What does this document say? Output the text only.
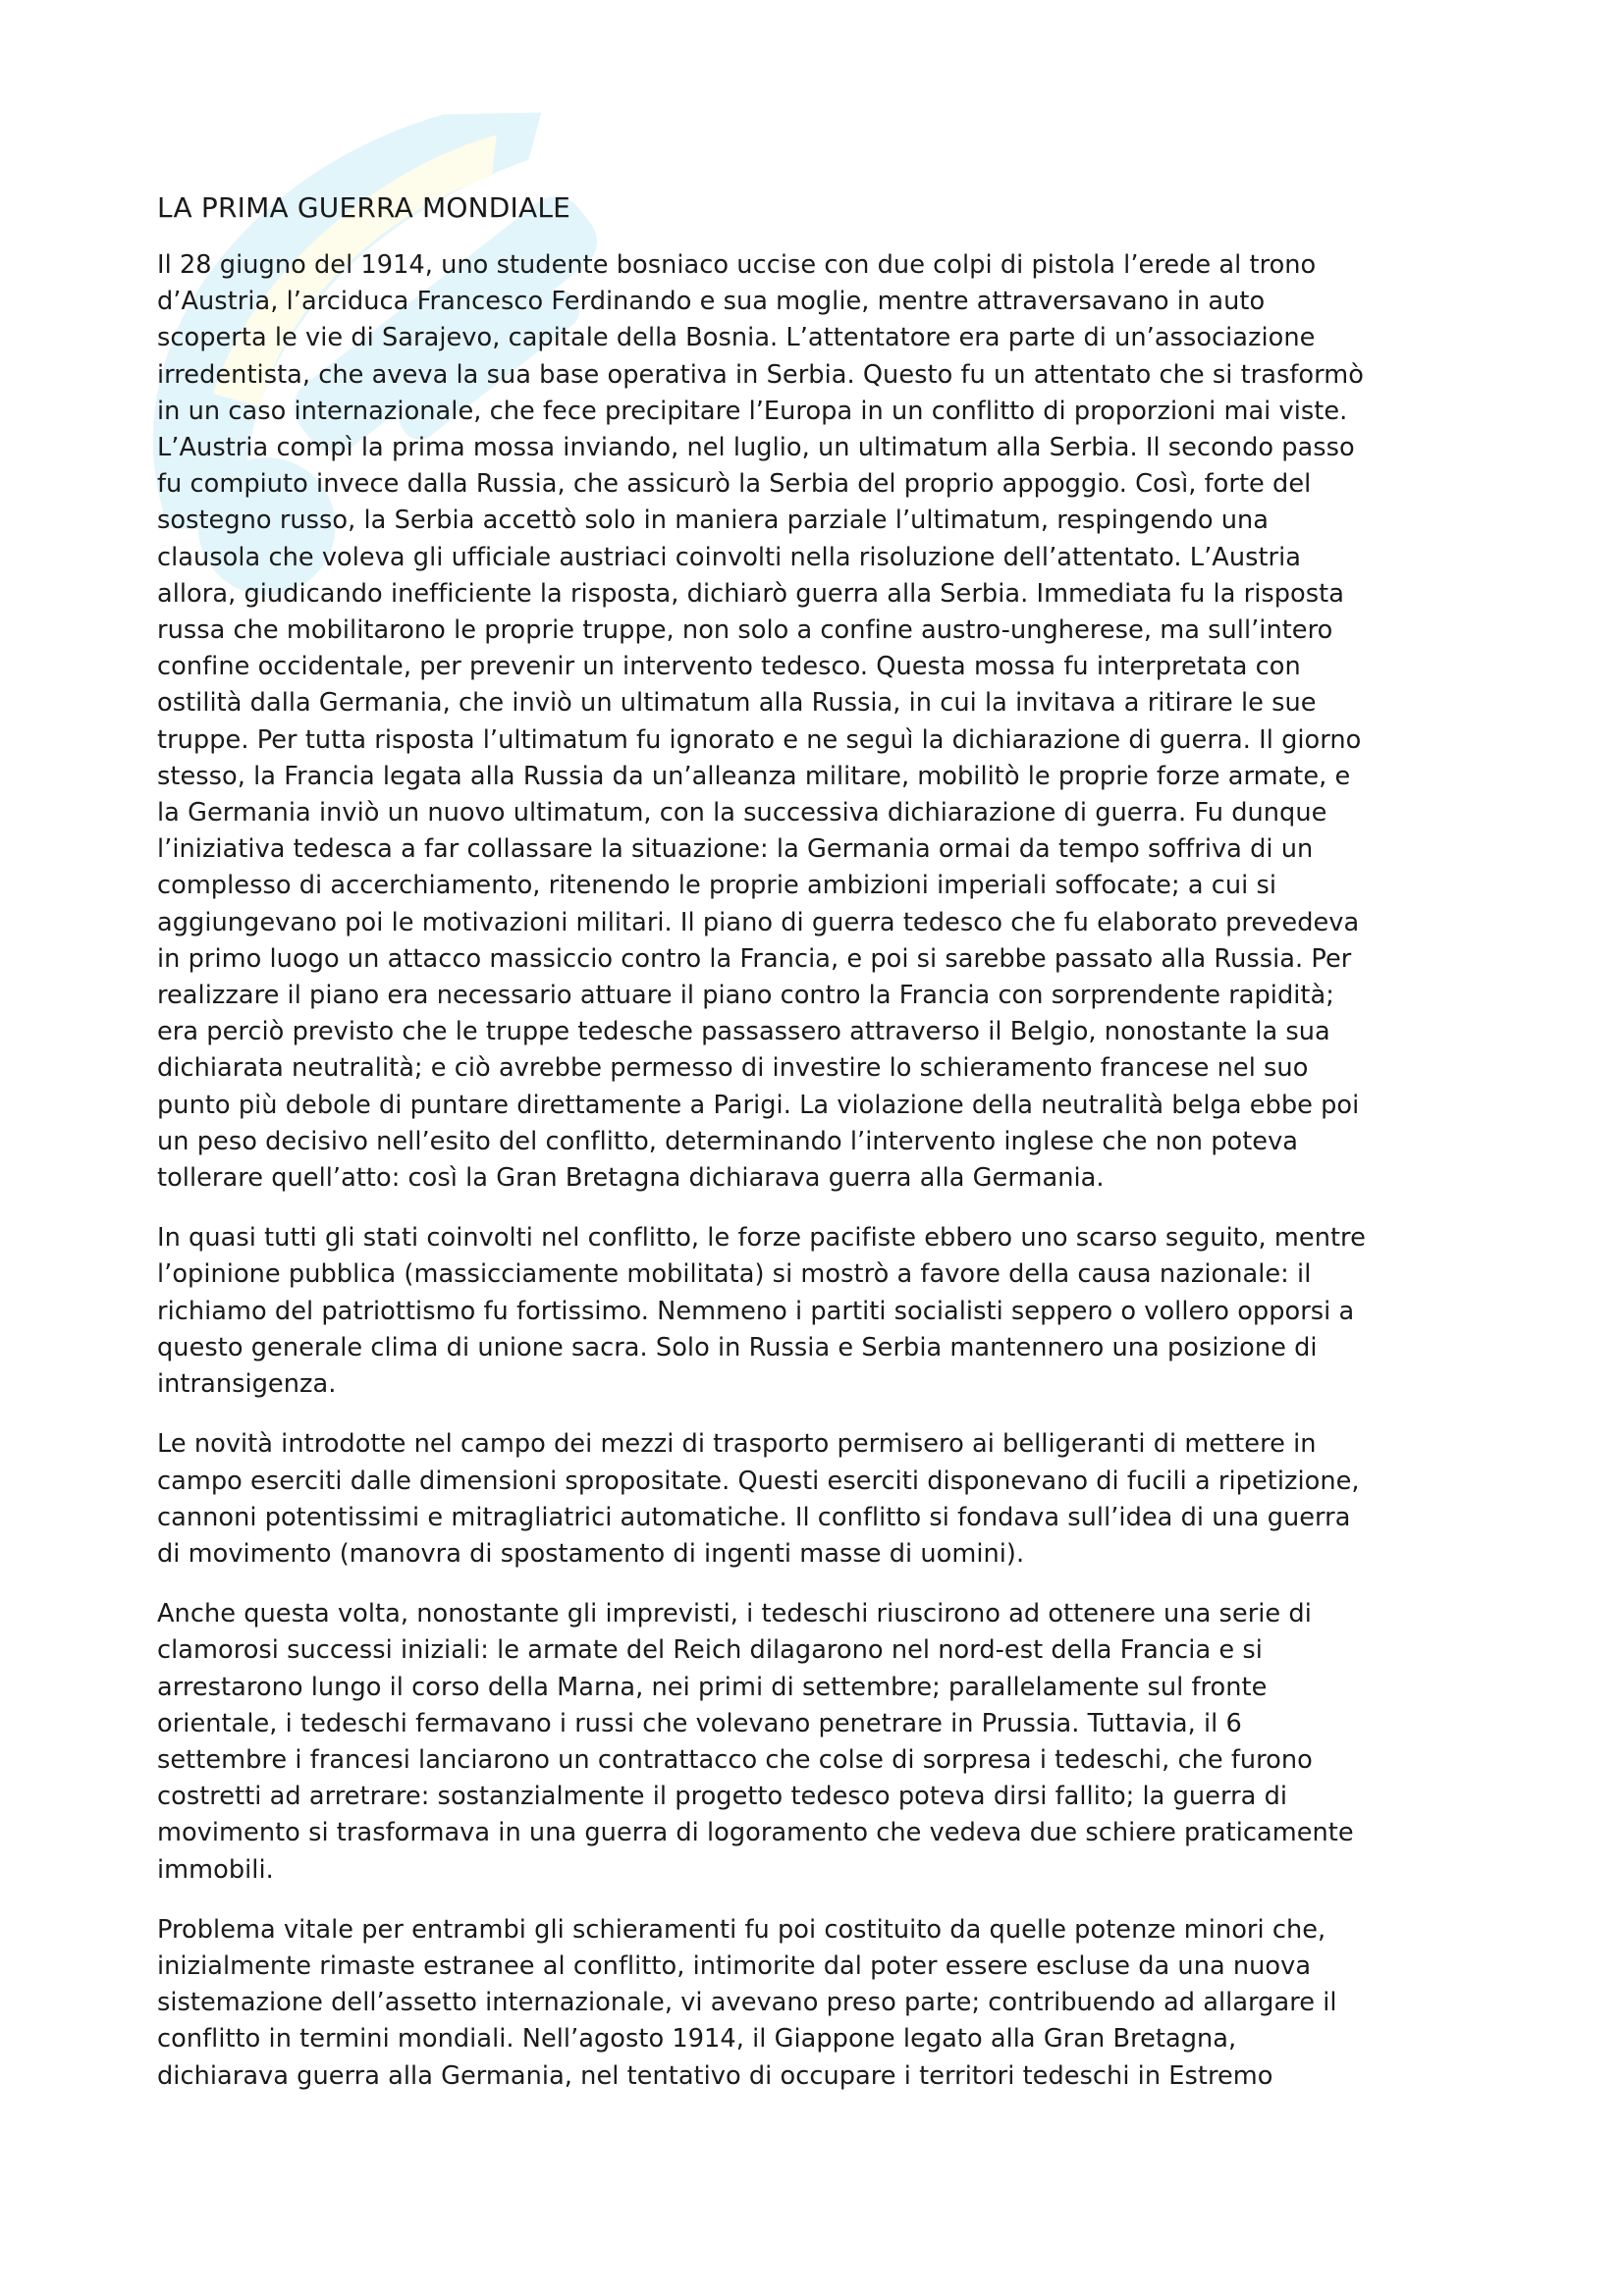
LA PRIMA GUERRA MONDIALE

Il 28 giugno del 1914, uno studente bosniaco uccise con due colpi di pistola l’erede al trono
d’Austria, l’arciduca Francesco Ferdinando e sua moglie, mentre attraversavano in auto
scoperta le vie di Sarajevo, capitale della Bosnia. L’attentatore era parte di un’associazione
irredentista, che aveva la sua base operativa in Serbia. Questo fu un attentato che si trasformò
in un caso internazionale, che fece precipitare l’Europa in un conflitto di proporzioni mai viste.
L’Austria compì la prima mossa inviando, nel luglio, un ultimatum alla Serbia. Il secondo passo
fu compiuto invece dalla Russia, che assicurò la Serbia del proprio appoggio. Così, forte del
sostegno russo, la Serbia accettò solo in maniera parziale l’ultimatum, respingendo una
clausola che voleva gli ufficiale austriaci coinvolti nella risoluzione dell’attentato. L’Austria
allora, giudicando inefficiente la risposta, dichiarò guerra alla Serbia. Immediata fu la risposta
russa che mobilitarono le proprie truppe, non solo a confine austro-ungherese, ma sull’intero
confine occidentale, per prevenir un intervento tedesco. Questa mossa fu interpretata con
ostilità dalla Germania, che inviò un ultimatum alla Russia, in cui la invitava a ritirare le sue
truppe. Per tutta risposta l’ultimatum fu ignorato e ne seguì la dichiarazione di guerra. Il giorno
stesso, la Francia legata alla Russia da un’alleanza militare, mobilitò le proprie forze armate, e
la Germania inviò un nuovo ultimatum, con la successiva dichiarazione di guerra. Fu dunque
l’iniziativa tedesca a far collassare la situazione: la Germania ormai da tempo soffriva di un
complesso di accerchiamento, ritenendo le proprie ambizioni imperiali soffocate; a cui si
aggiungevano poi le motivazioni militari. Il piano di guerra tedesco che fu elaborato prevedeva
in primo luogo un attacco massiccio contro la Francia, e poi si sarebbe passato alla Russia. Per
realizzare il piano era necessario attuare il piano contro la Francia con sorprendente rapidità;
era perciò previsto che le truppe tedesche passassero attraverso il Belgio, nonostante la sua
dichiarata neutralità; e ciò avrebbe permesso di investire lo schieramento francese nel suo
punto più debole di puntare direttamente a Parigi. La violazione della neutralità belga ebbe poi
un peso decisivo nell’esito del conflitto, determinando l’intervento inglese che non poteva
tollerare quell’atto: così la Gran Bretagna dichiarava guerra alla Germania.

In quasi tutti gli stati coinvolti nel conflitto, le forze pacifiste ebbero uno scarso seguito, mentre
l’opinione pubblica (massicciamente mobilitata) si mostrò a favore della causa nazionale: il
richiamo del patriottismo fu fortissimo. Nemmeno i partiti socialisti seppero o vollero opporsi a
questo generale clima di unione sacra. Solo in Russia e Serbia mantennero una posizione di
intransigenza.

Le novità introdotte nel campo dei mezzi di trasporto permisero ai belligeranti di mettere in
campo eserciti dalle dimensioni spropositate. Questi eserciti disponevano di fucili a ripetizione,
cannoni potentissimi e mitragliatrici automatiche. Il conflitto si fondava sull’idea di una guerra
di movimento (manovra di spostamento di ingenti masse di uomini).

Anche questa volta, nonostante gli imprevisti, i tedeschi riuscirono ad ottenere una serie di
clamorosi successi iniziali: le armate del Reich dilagarono nel nord-est della Francia e si
arrestarono lungo il corso della Marna, nei primi di settembre; parallelamente sul fronte
orientale, i tedeschi fermavano i russi che volevano penetrare in Prussia. Tuttavia, il 6
settembre i francesi lanciarono un contrattacco che colse di sorpresa i tedeschi, che furono
costretti ad arretrare: sostanzialmente il progetto tedesco poteva dirsi fallito; la guerra di
movimento si trasformava in una guerra di logoramento che vedeva due schiere praticamente
immobili.

Problema vitale per entrambi gli schieramenti fu poi costituito da quelle potenze minori che,
inizialmente rimaste estranee al conflitto, intimorite dal poter essere escluse da una nuova
sistemazione dell’assetto internazionale, vi avevano preso parte; contribuendo ad allargare il
conflitto in termini mondiali. Nell’agosto 1914, il Giappone legato alla Gran Bretagna,
dichiarava guerra alla Germania, nel tentativo di occupare i territori tedeschi in Estremo
